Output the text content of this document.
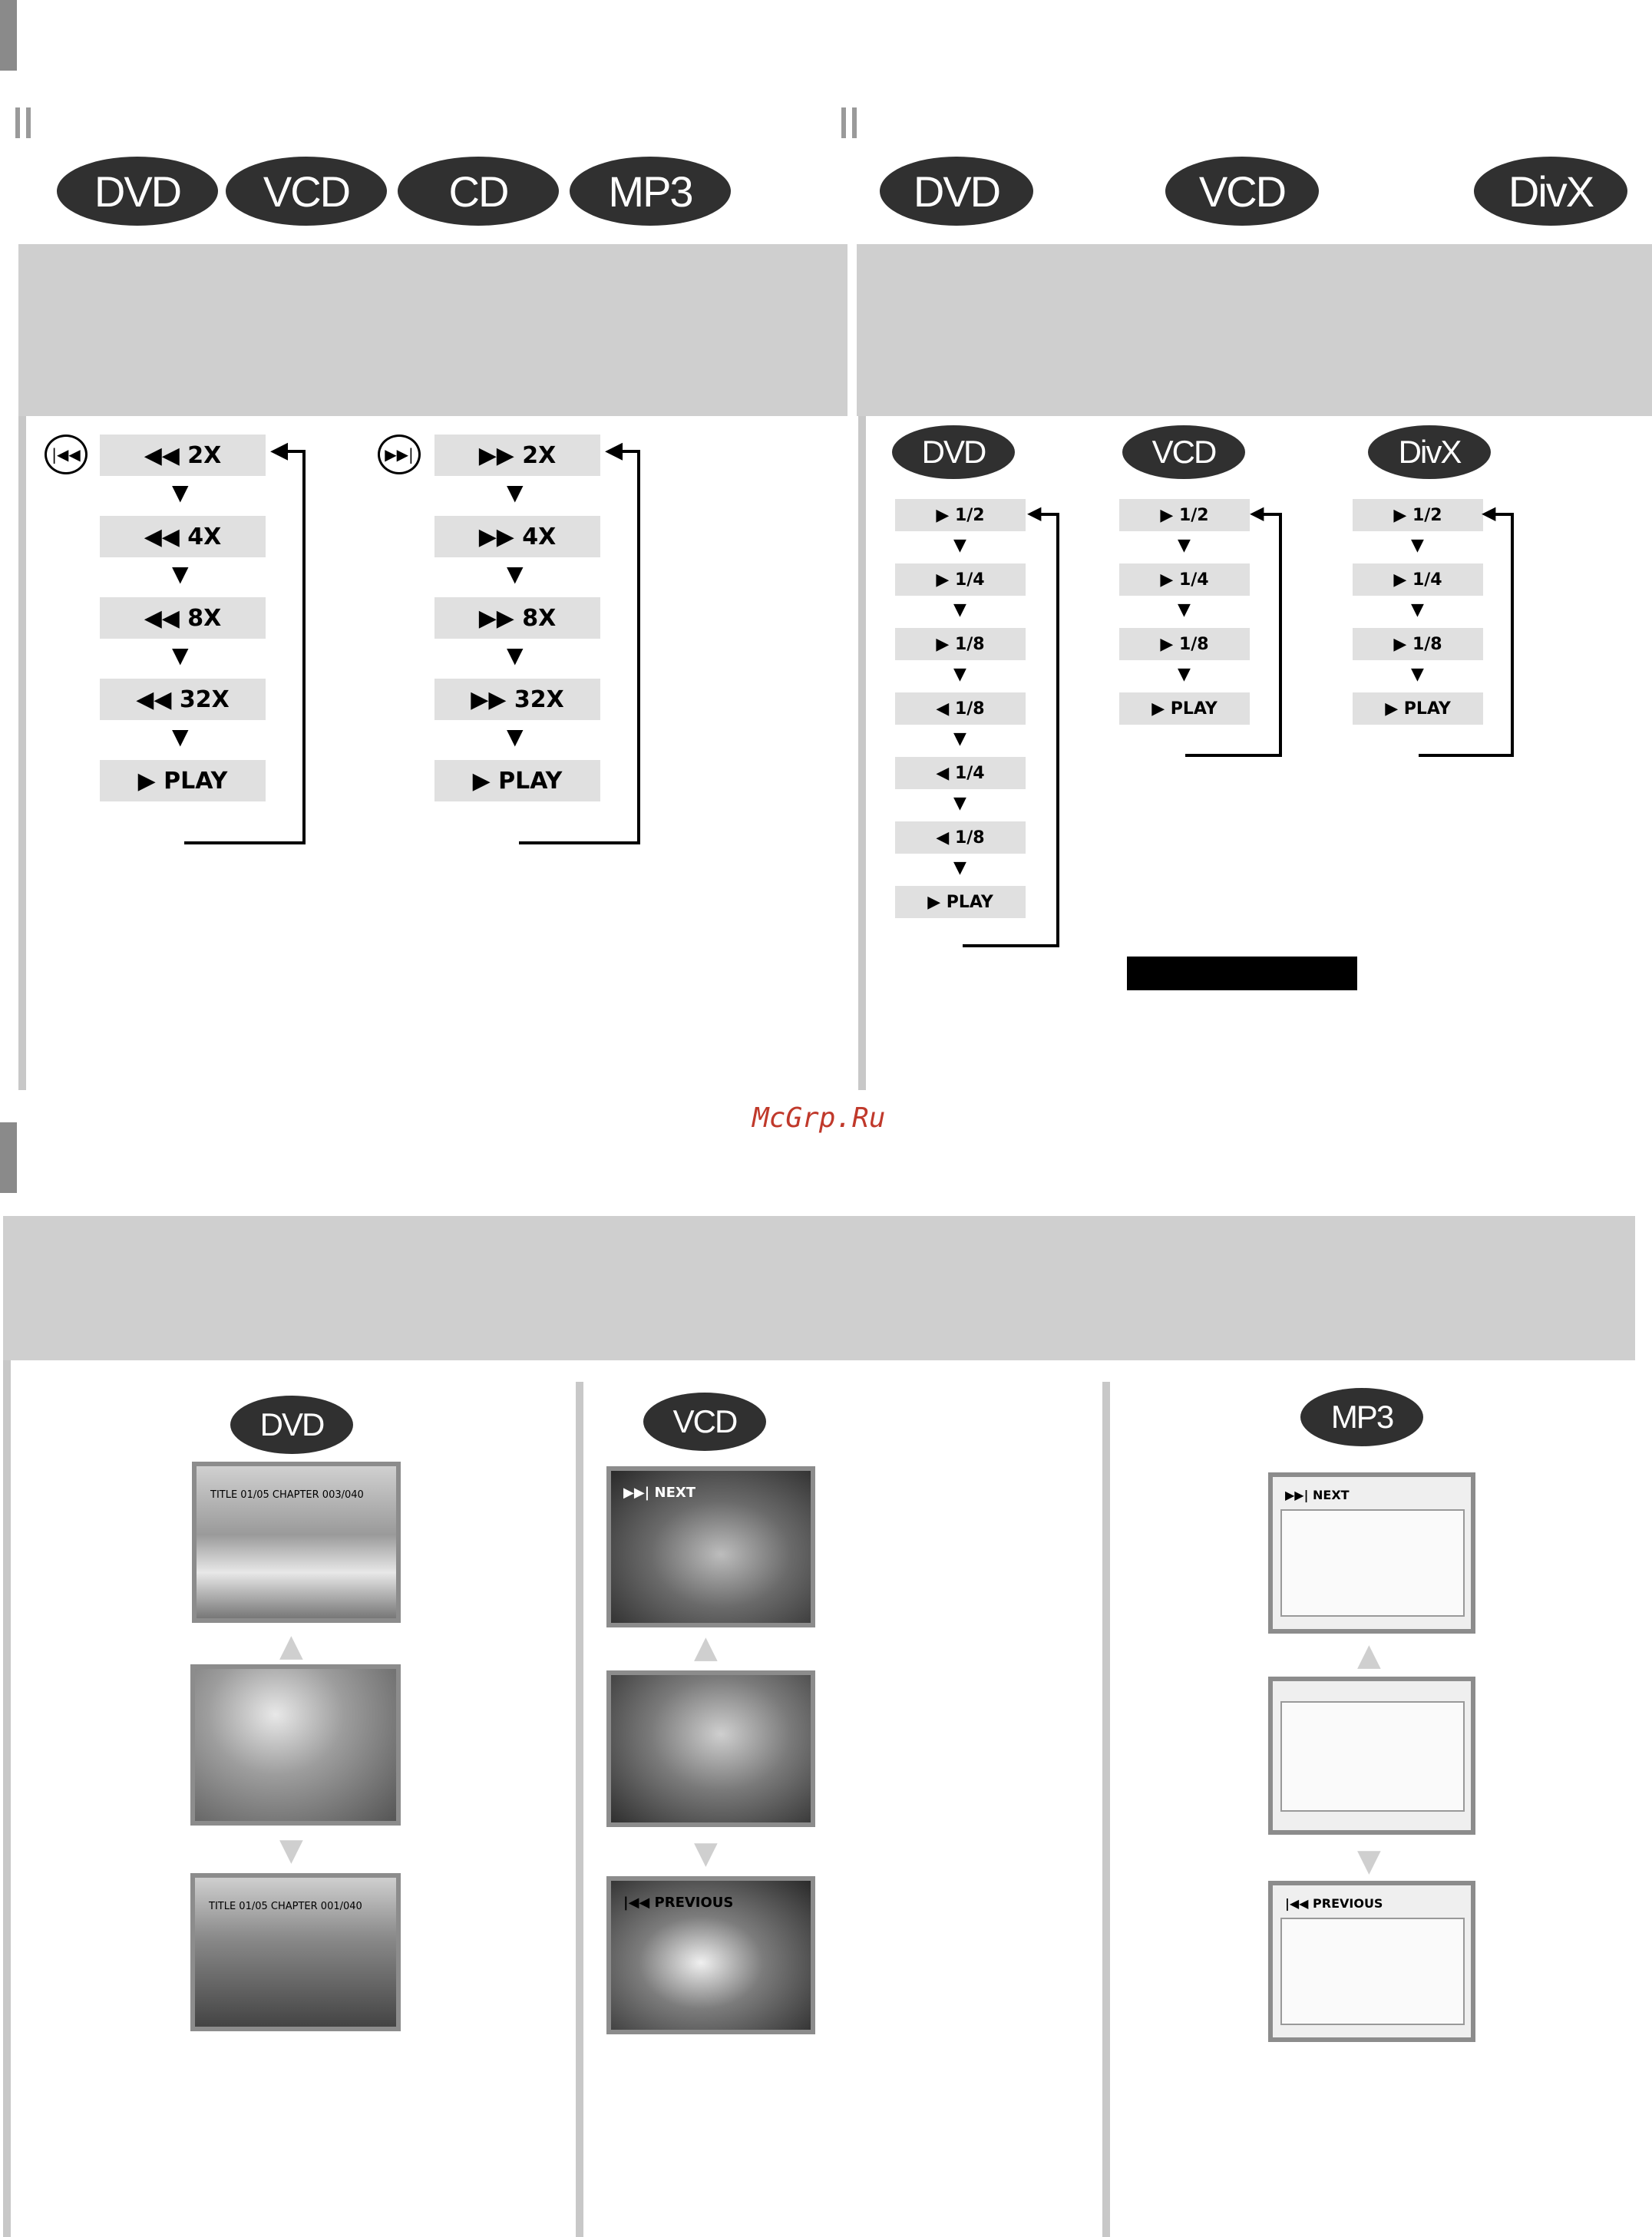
DVD	VCD	CD	MP3	DVD	VCD	DivX
|◀◀	◀◀ 2X
▼
◀◀ 4X
▼
◀◀ 8X
▼
◀◀ 32X
▼
▶ PLAY
◀	▶▶|	▶▶ 2X
▼
▶▶ 4X
▼
▶▶ 8X
▼
▶▶ 32X
▼
▶ PLAY
◀	DVD	VCD	DivX
▶ 1/2
▼
▶ 1/4
▼
▶ 1/8
▼
◀ 1/8
▼
◀ 1/4
▼
◀ 1/8
▼
▶ PLAY
◀	▶ 1/2
▼
▶ 1/4
▼
▶ 1/8
▼
▶ PLAY
◀	▶ 1/2
▼
▶ 1/4
▼
▶ 1/8
▼
▶ PLAY
◀
McGrp.Ru
DVD	VCD	MP3
TITLE 01/05 CHAPTER 003/040
▲
▼
TITLE 01/05 CHAPTER 001/040
▶▶| NEXT
▲
▼
|◀◀ PREVIOUS
▶▶| NEXT
▲
▼
|◀◀ PREVIOUS
